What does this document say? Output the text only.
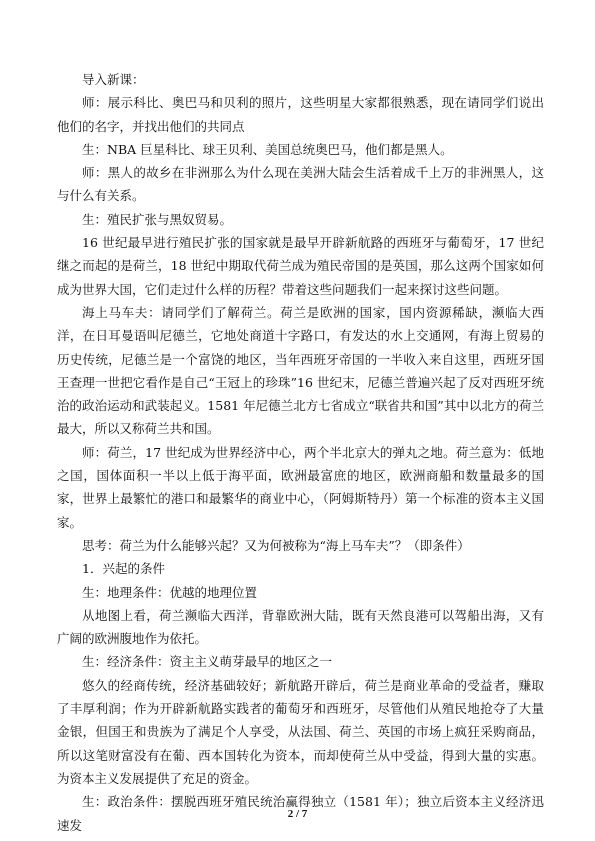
导入新课：

师：展示科比、奥巴马和贝利的照片，这些明星大家都很熟悉，现在请同学们说出他们的名字，并找出他们的共同点

生：NBA 巨星科比、球王贝利、美国总统奥巴马，他们都是黑人。

师：黑人的故乡在非洲那么为什么现在美洲大陆会生活着成千上万的非洲黑人，这与什么有关系。

生：殖民扩张与黑奴贸易。

16 世纪最早进行殖民扩张的国家就是最早开辟新航路的西班牙与葡萄牙，17 世纪继之而起的是荷兰，18 世纪中期取代荷兰成为殖民帝国的是英国，那么这两个国家如何成为世界大国，它们走过什么样的历程？带着这些问题我们一起来探讨这些问题。

海上马车夫：请同学们了解荷兰。荷兰是欧洲的国家，国内资源稀缺，濒临大西洋，在日耳曼语叫尼德兰，它地处商道十字路口，有发达的水上交通网，有海上贸易的历史传统，尼德兰是一个富饶的地区，当年西班牙帝国的一半收入来自这里，西班牙国王查理一世把它看作是自己“王冠上的珍珠”16 世纪末，尼德兰普遍兴起了反对西班牙统治的政治运动和武装起义。1581 年尼德兰北方七省成立“联省共和国”其中以北方的荷兰最大，所以又称荷兰共和国。

师：荷兰，17 世纪成为世界经济中心，两个半北京大的弹丸之地。荷兰意为：低地之国，国体面积一半以上低于海平面，欧洲最富庶的地区，欧洲商船和数量最多的国家，世界上最繁忙的港口和最繁华的商业中心，（阿姆斯特丹）第一个标准的资本主义国家。

思考：荷兰为什么能够兴起？又为何被称为“海上马车夫”？（即条件）

1．兴起的条件

生：地理条件：优越的地理位置

从地图上看，荷兰濒临大西洋，背靠欧洲大陆，既有天然良港可以驾船出海，又有广阔的欧洲腹地作为依托。

生：经济条件：资主主义萌芽最早的地区之一

悠久的经商传统，经济基础较好；新航路开辟后，荷兰是商业革命的受益者，赚取了丰厚利润；作为开辟新航路实践者的葡萄牙和西班牙，尽管他们从殖民地抢夺了大量金银，但国王和贵族为了满足个人享受，从法国、荷兰、英国的市场上疯狂采购商品，所以这笔财富没有在葡、西本国转化为资本，而却使荷兰从中受益，得到大量的实惠。为资本主义发展提供了充足的资金。

生：政治条件：摆脱西班牙殖民统治赢得独立（1581 年）；独立后资本主义经济迅速发

2 / 7
